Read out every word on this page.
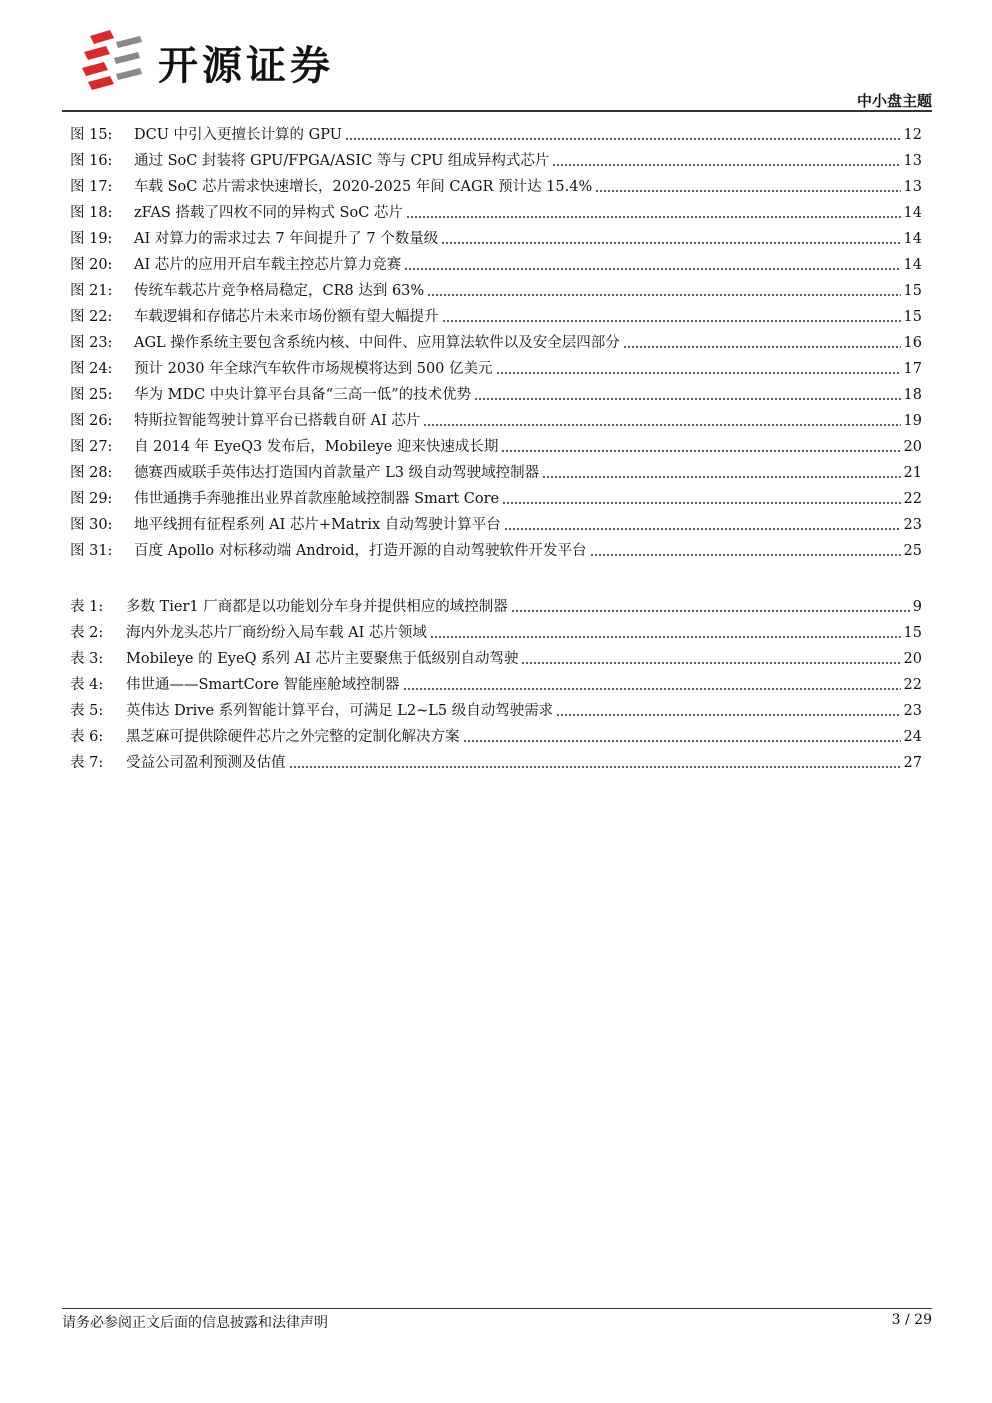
开源证券
中小盘主题
图 15:	DCU 中引入更擅长计算的 GPU	12
图 16:	通过 SoC 封装将 GPU/FPGA/ASIC 等与 CPU 组成异构式芯片	13
图 17:	车载 SoC 芯片需求快速增长，2020-2025 年间 CAGR 预计达 15.4%	13
图 18:	zFAS 搭载了四枚不同的异构式 SoC 芯片	14
图 19:	AI 对算力的需求过去 7 年间提升了 7 个数量级	14
图 20:	AI 芯片的应用开启车载主控芯片算力竞赛	14
图 21:	传统车载芯片竞争格局稳定，CR8 达到 63%	15
图 22:	车载逻辑和存储芯片未来市场份额有望大幅提升	15
图 23:	AGL 操作系统主要包含系统内核、中间件、应用算法软件以及安全层四部分	16
图 24:	预计 2030 年全球汽车软件市场规模将达到 500 亿美元	17
图 25:	华为 MDC 中央计算平台具备“三高一低”的技术优势	18
图 26:	特斯拉智能驾驶计算平台已搭载自研 AI 芯片	19
图 27:	自 2014 年 EyeQ3 发布后，Mobileye 迎来快速成长期	20
图 28:	德赛西威联手英伟达打造国内首款量产 L3 级自动驾驶域控制器	21
图 29:	伟世通携手奔驰推出业界首款座舱域控制器 Smart Core	22
图 30:	地平线拥有征程系列 AI 芯片+Matrix 自动驾驶计算平台	23
图 31:	百度 Apollo 对标移动端 Android，打造开源的自动驾驶软件开发平台	25
表 1:	多数 Tier1 厂商都是以功能划分车身并提供相应的域控制器	9
表 2:	海内外龙头芯片厂商纷纷入局车载 AI 芯片领域	15
表 3:	Mobileye 的 EyeQ 系列 AI 芯片主要聚焦于低级别自动驾驶	20
表 4:	伟世通——SmartCore 智能座舱域控制器	22
表 5:	英伟达 Drive 系列智能计算平台，可满足 L2~L5 级自动驾驶需求	23
表 6:	黑芝麻可提供除硬件芯片之外完整的定制化解决方案	24
表 7:	受益公司盈利预测及估值	27
请务必参阅正文后面的信息披露和法律声明	3 / 29
